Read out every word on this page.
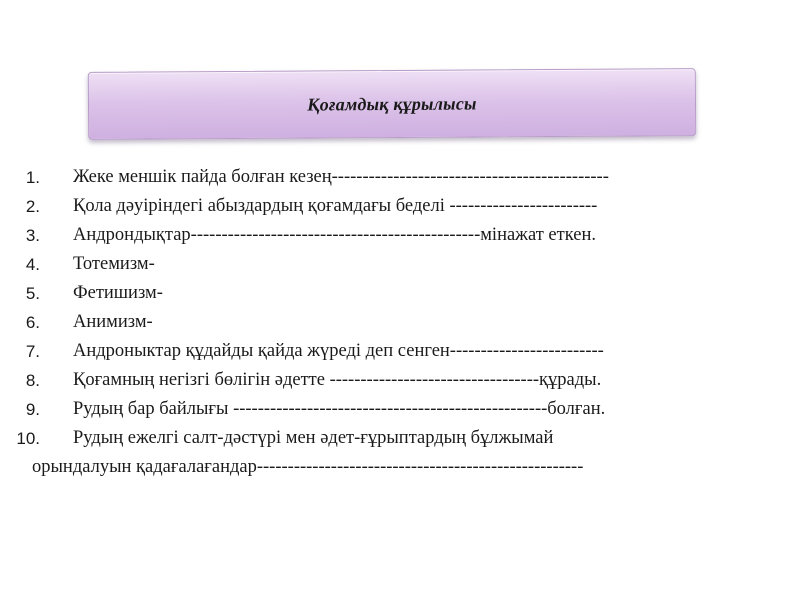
Қоғамдық құрылысы
1. Жеке меншік пайда болған кезең---------------------------------------------
2. Қола дәуіріндегі абыздардың қоғамдағы беделі ------------------------
3. Андрондықтар-----------------------------------------------мінажат еткен.
4. Тотемизм-
5. Фетишизм-
6. Анимизм-
7. Андроныктар құдайды қайда жүреді деп сенген-------------------------
8. Қоғамның негізгі бөлігін әдетте ----------------------------------құрады.
9. Рудың бар байлығы ---------------------------------------------------болған.
10. Рудың ежелгі салт-дәстүрі мен әдет-ғұрыптардың бұлжымай
орындалуын қадағалағандар-----------------------------------------------------
